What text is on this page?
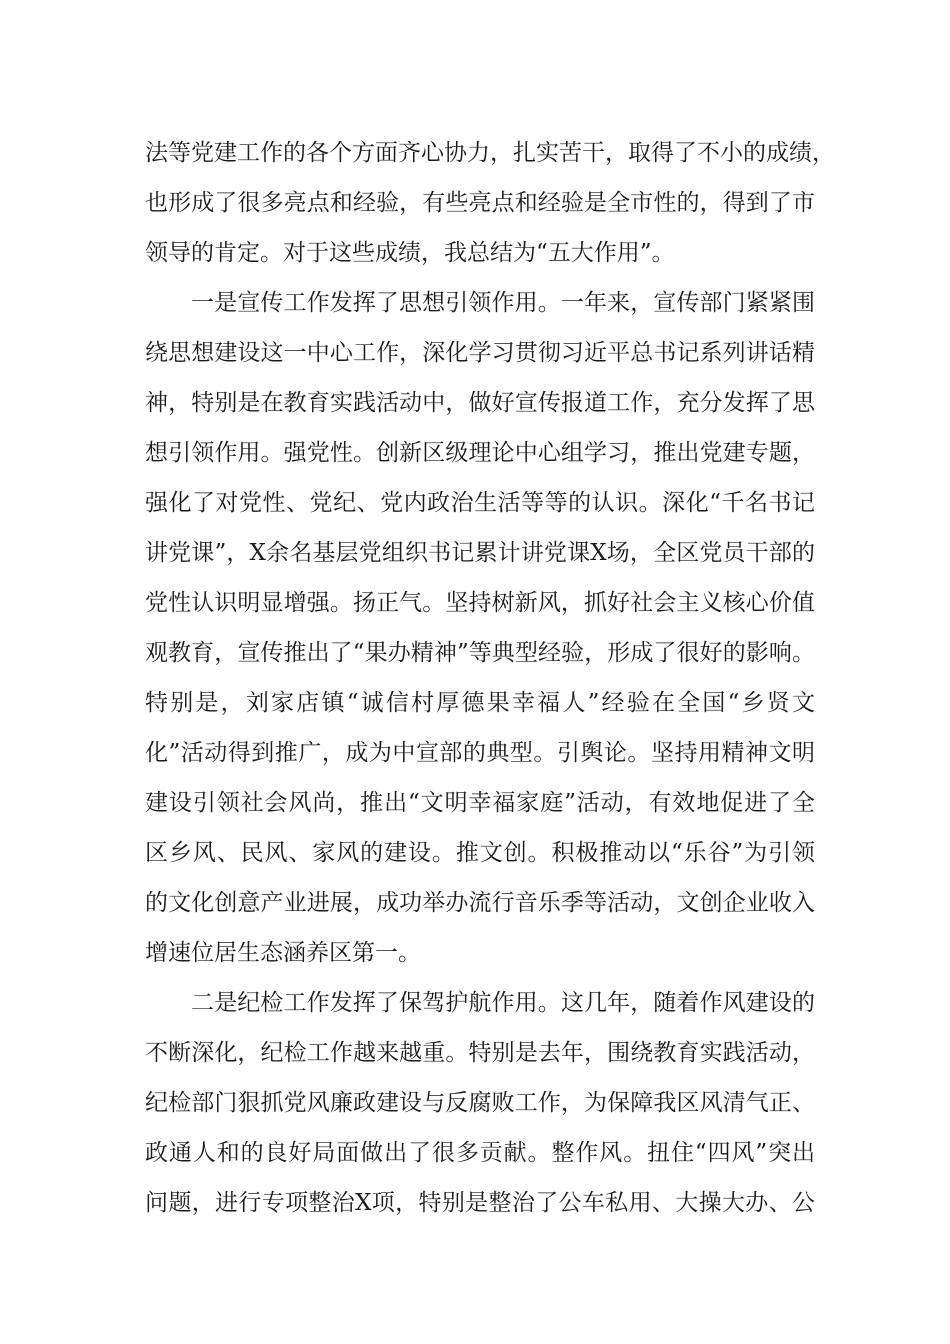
法等党建工作的各个方面齐心协力，扎实苦干，取得了不小的成绩，
也形成了很多亮点和经验，有些亮点和经验是全市性的，得到了市
领导的肯定。对于这些成绩，我总结为“五大作用”。
一是宣传工作发挥了思想引领作用。一年来，宣传部门紧紧围
绕思想建设这一中心工作，深化学习贯彻习近平总书记系列讲话精
神，特别是在教育实践活动中，做好宣传报道工作，充分发挥了思
想引领作用。强党性。创新区级理论中心组学习，推出党建专题，
强化了对党性、党纪、党内政治生活等等的认识。深化“千名书记
讲党课”，X余名基层党组织书记累计讲党课X场，全区党员干部的
党性认识明显增强。扬正气。坚持树新风，抓好社会主义核心价值
观教育，宣传推出了“果办精神”等典型经验，形成了很好的影响。
特别是，刘家店镇“诚信村厚德果幸福人”经验在全国“乡贤文
化”活动得到推广，成为中宣部的典型。引舆论。坚持用精神文明
建设引领社会风尚，推出“文明幸福家庭”活动，有效地促进了全
区乡风、民风、家风的建设。推文创。积极推动以“乐谷”为引领
的文化创意产业进展，成功举办流行音乐季等活动，文创企业收入
增速位居生态涵养区第一。
二是纪检工作发挥了保驾护航作用。这几年，随着作风建设的
不断深化，纪检工作越来越重。特别是去年，围绕教育实践活动，
纪检部门狠抓党风廉政建设与反腐败工作，为保障我区风清气正、
政通人和的良好局面做出了很多贡献。整作风。扭住“四风”突出
问题，进行专项整治X项，特别是整治了公车私用、大操大办、公
